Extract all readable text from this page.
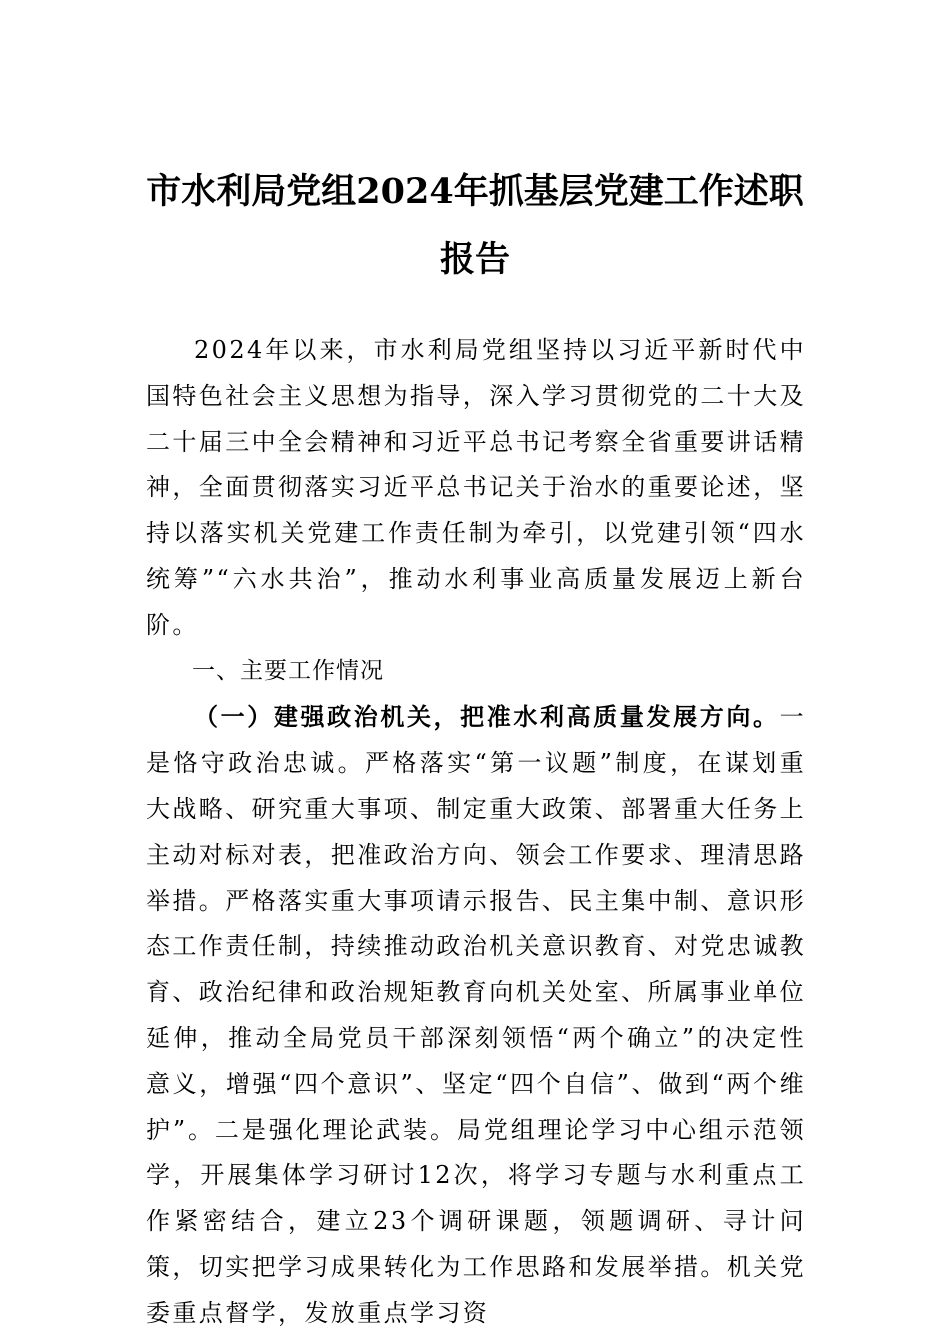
市水利局党组2024年抓基层党建工作述职
报告

2024年以来，市水利局党组坚持以习近平新时代中国特色社会主义思想为指导，深入学习贯彻党的二十大及二十届三中全会精神和习近平总书记考察全省重要讲话精神，全面贯彻落实习近平总书记关于治水的重要论述，坚持以落实机关党建工作责任制为牵引，以党建引领“四水统筹”“六水共治”，推动水利事业高质量发展迈上新台阶。

一、主要工作情况

（一）建强政治机关，把准水利高质量发展方向。一是恪守政治忠诚。严格落实“第一议题”制度，在谋划重大战略、研究重大事项、制定重大政策、部署重大任务上主动对标对表，把准政治方向、领会工作要求、理清思路举措。严格落实重大事项请示报告、民主集中制、意识形态工作责任制，持续推动政治机关意识教育、对党忠诚教育、政治纪律和政治规矩教育向机关处室、所属事业单位延伸，推动全局党员干部深刻领悟“两个确立”的决定性意义，增强“四个意识”、坚定“四个自信”、做到“两个维护”。二是强化理论武装。局党组理论学习中心组示范领学，开展集体学习研讨12次，将学习专题与水利重点工作紧密结合，建立23个调研课题，领题调研、寻计问策，切实把学习成果转化为工作思路和发展举措。机关党委重点督学，发放重点学习资
